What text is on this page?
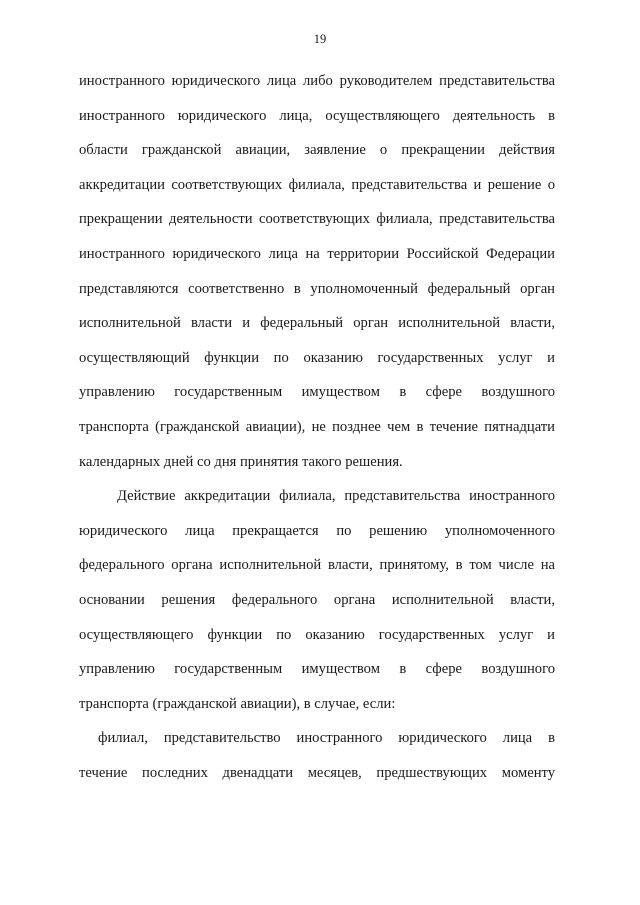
19
иностранного юридического лица либо руководителем представительства
иностранного юридического лица, осуществляющего деятельность в
области гражданской авиации, заявление о прекращении действия
аккредитации соответствующих филиала, представительства и решение о
прекращении деятельности соответствующих филиала, представительства
иностранного юридического лица на территории Российской Федерации
представляются соответственно в уполномоченный федеральный орган
исполнительной власти и федеральный орган исполнительной власти,
осуществляющий функции по оказанию государственных услуг и
управлению государственным имуществом в сфере воздушного
транспорта (гражданской авиации), не позднее чем в течение пятнадцати
календарных дней со дня принятия такого решения.
Действие аккредитации филиала, представительства иностранного
юридического лица прекращается по решению уполномоченного
федерального органа исполнительной власти, принятому, в том числе на
основании решения федерального органа исполнительной власти,
осуществляющего функции по оказанию государственных услуг и
управлению государственным имуществом в сфере воздушного
транспорта (гражданской авиации), в случае, если:
филиал, представительство иностранного юридического лица в
течение последних двенадцати месяцев, предшествующих моменту
